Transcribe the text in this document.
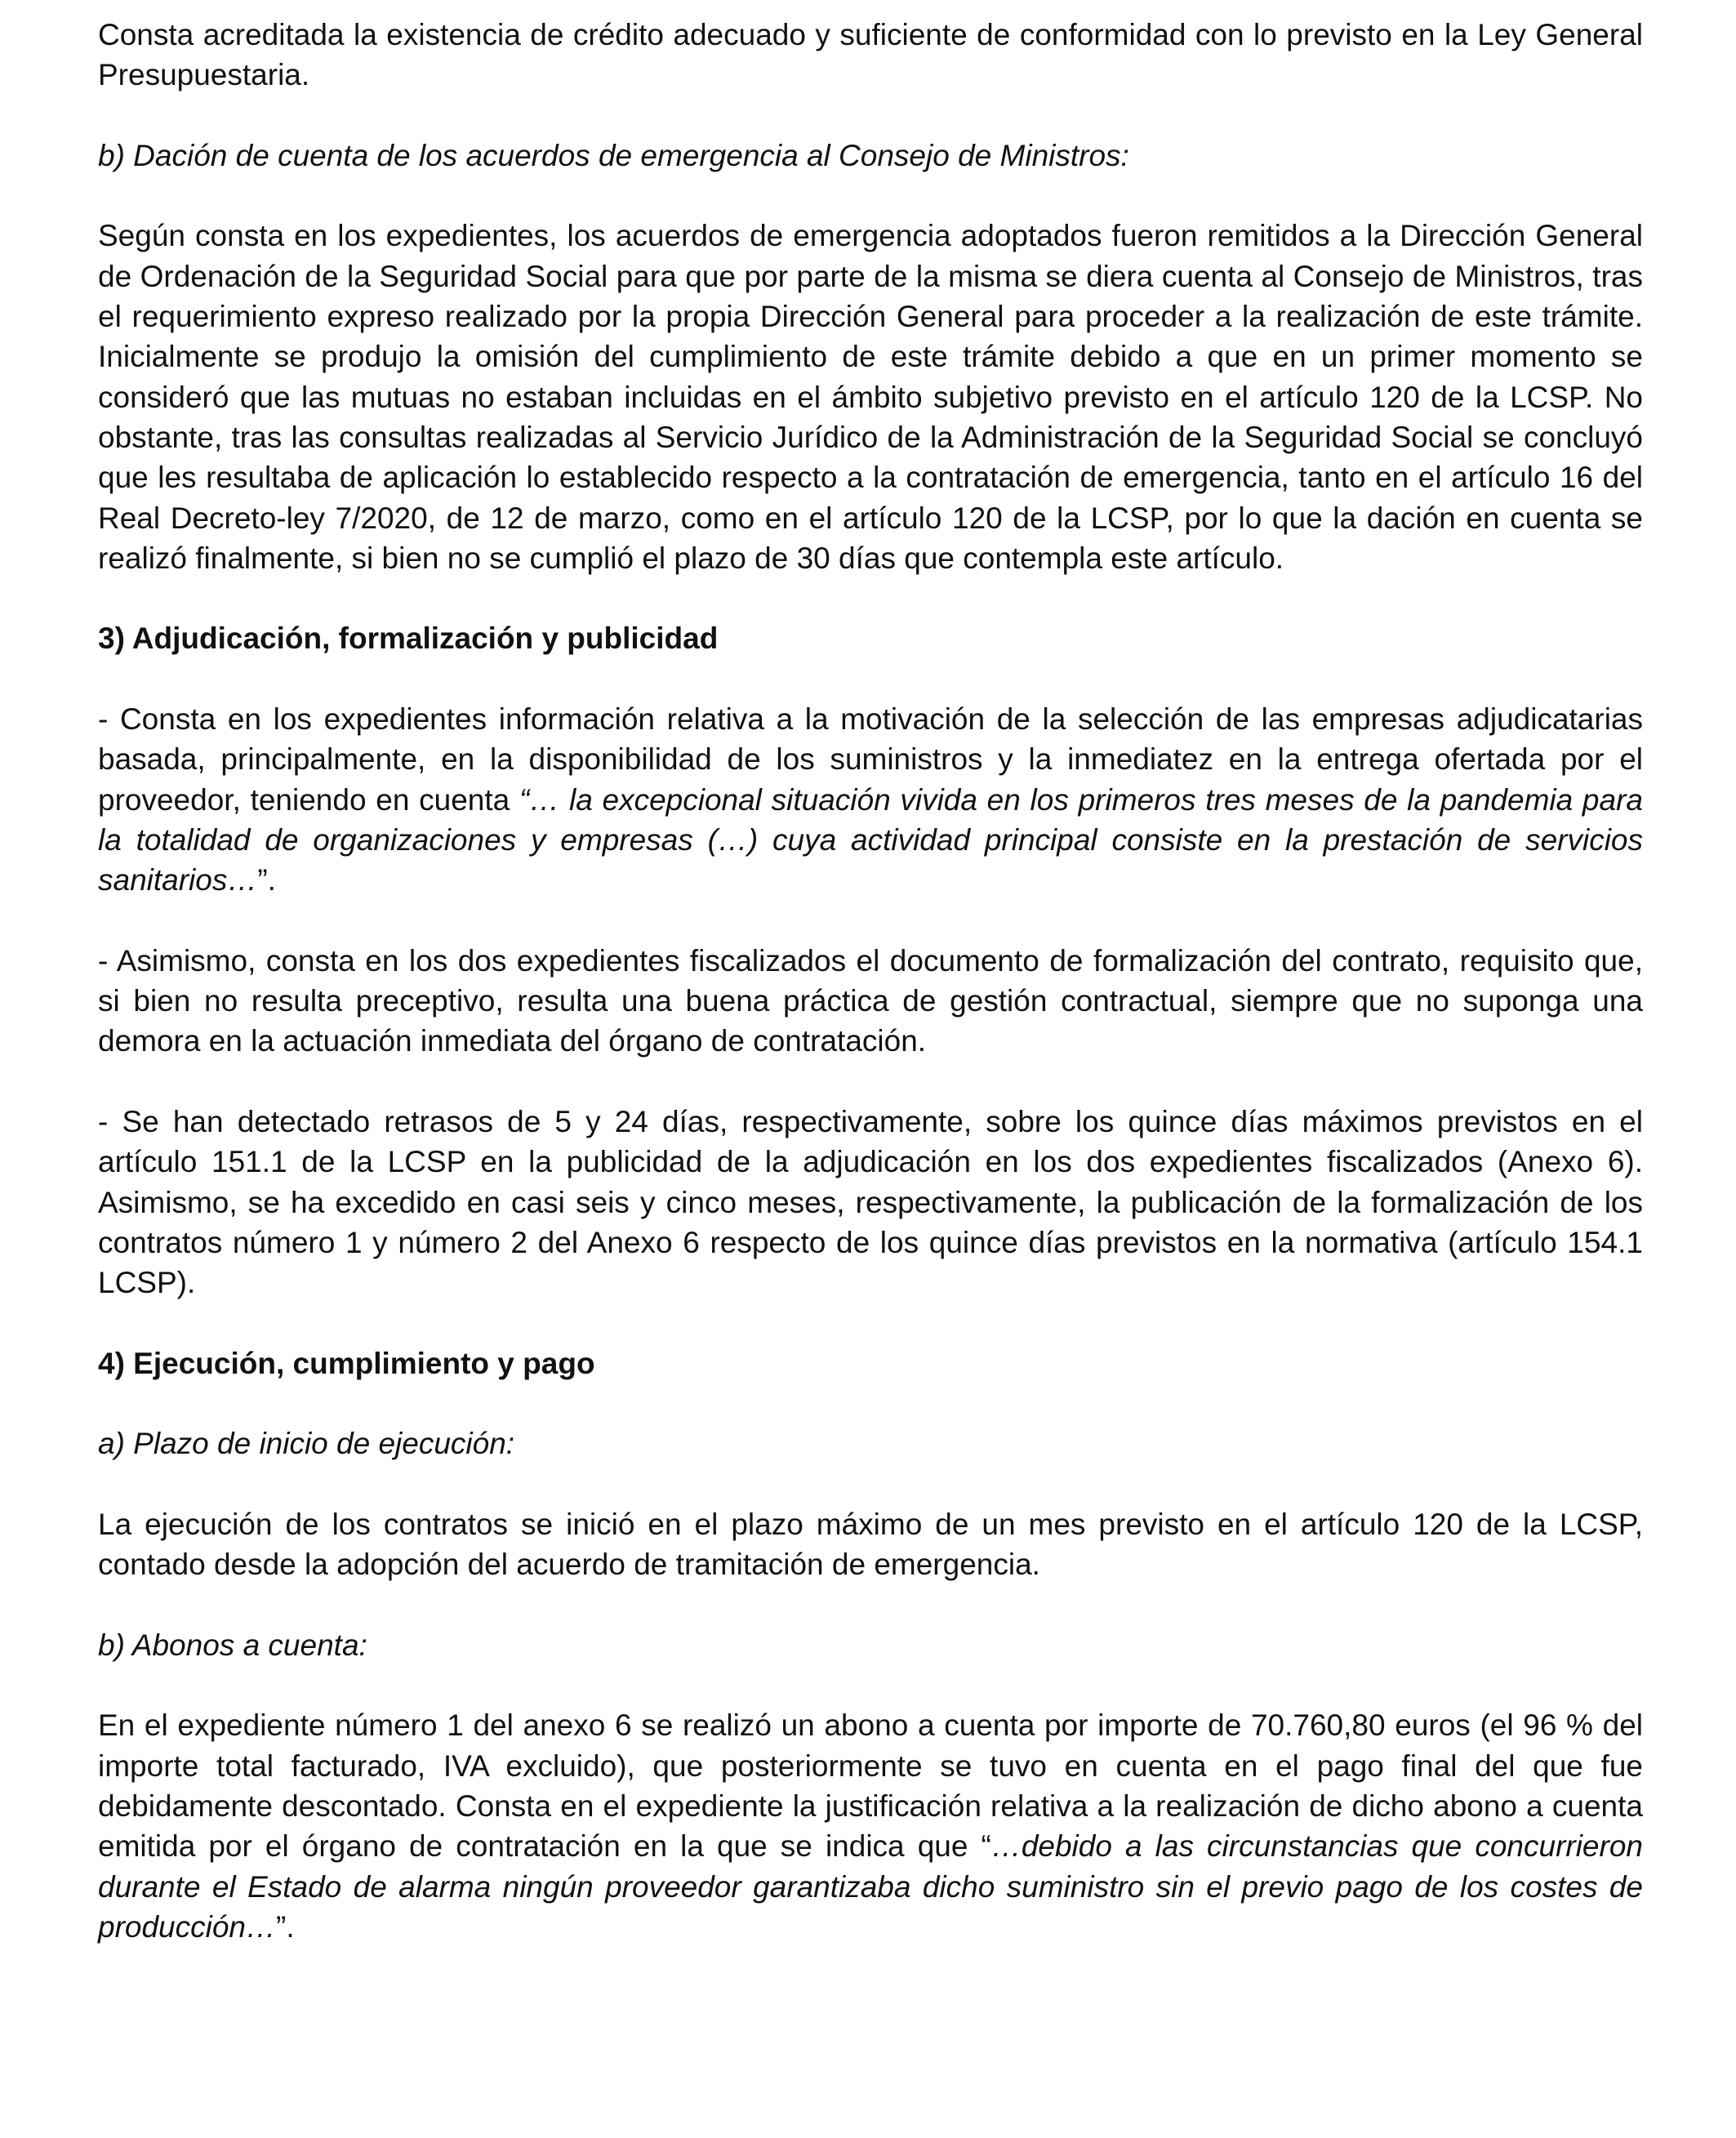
Consta acreditada la existencia de crédito adecuado y suficiente de conformidad con lo previsto en la Ley General Presupuestaria.

b) Dación de cuenta de los acuerdos de emergencia al Consejo de Ministros:

Según consta en los expedientes, los acuerdos de emergencia adoptados fueron remitidos a la Dirección General de Ordenación de la Seguridad Social para que por parte de la misma se diera cuenta al Consejo de Ministros, tras el requerimiento expreso realizado por la propia Dirección General para proceder a la realización de este trámite. Inicialmente se produjo la omisión del cumplimiento de este trámite debido a que en un primer momento se consideró que las mutuas no estaban incluidas en el ámbito subjetivo previsto en el artículo 120 de la LCSP. No obstante, tras las consultas realizadas al Servicio Jurídico de la Administración de la Seguridad Social se concluyó que les resultaba de aplicación lo establecido respecto a la contratación de emergencia, tanto en el artículo 16 del Real Decreto-ley 7/2020, de 12 de marzo, como en el artículo 120 de la LCSP, por lo que la dación en cuenta se realizó finalmente, si bien no se cumplió el plazo de 30 días que contempla este artículo.

3) Adjudicación, formalización y publicidad

- Consta en los expedientes información relativa a la motivación de la selección de las empresas adjudicatarias basada, principalmente, en la disponibilidad de los suministros y la inmediatez en la entrega ofertada por el proveedor, teniendo en cuenta “… la excepcional situación vivida en los primeros tres meses de la pandemia para la totalidad de organizaciones y empresas (…) cuya actividad principal consiste en la prestación de servicios sanitarios…”.

- Asimismo, consta en los dos expedientes fiscalizados el documento de formalización del contrato, requisito que, si bien no resulta preceptivo, resulta una buena práctica de gestión contractual, siempre que no suponga una demora en la actuación inmediata del órgano de contratación.

- Se han detectado retrasos de 5 y 24 días, respectivamente, sobre los quince días máximos previstos en el artículo 151.1 de la LCSP en la publicidad de la adjudicación en los dos expedientes fiscalizados (Anexo 6). Asimismo, se ha excedido en casi seis y cinco meses, respectivamente, la publicación de la formalización de los contratos número 1 y número 2 del Anexo 6 respecto de los quince días previstos en la normativa (artículo 154.1 LCSP).

4) Ejecución, cumplimiento y pago

a) Plazo de inicio de ejecución:

La ejecución de los contratos se inició en el plazo máximo de un mes previsto en el artículo 120 de la LCSP, contado desde la adopción del acuerdo de tramitación de emergencia.

b) Abonos a cuenta:

En el expediente número 1 del anexo 6 se realizó un abono a cuenta por importe de 70.760,80 euros (el 96 % del importe total facturado, IVA excluido), que posteriormente se tuvo en cuenta en el pago final del que fue debidamente descontado. Consta en el expediente la justificación relativa a la realización de dicho abono a cuenta emitida por el órgano de contratación en la que se indica que “…debido a las circunstancias que concurrieron durante el Estado de alarma ningún proveedor garantizaba dicho suministro sin el previo pago de los costes de producción…”.
